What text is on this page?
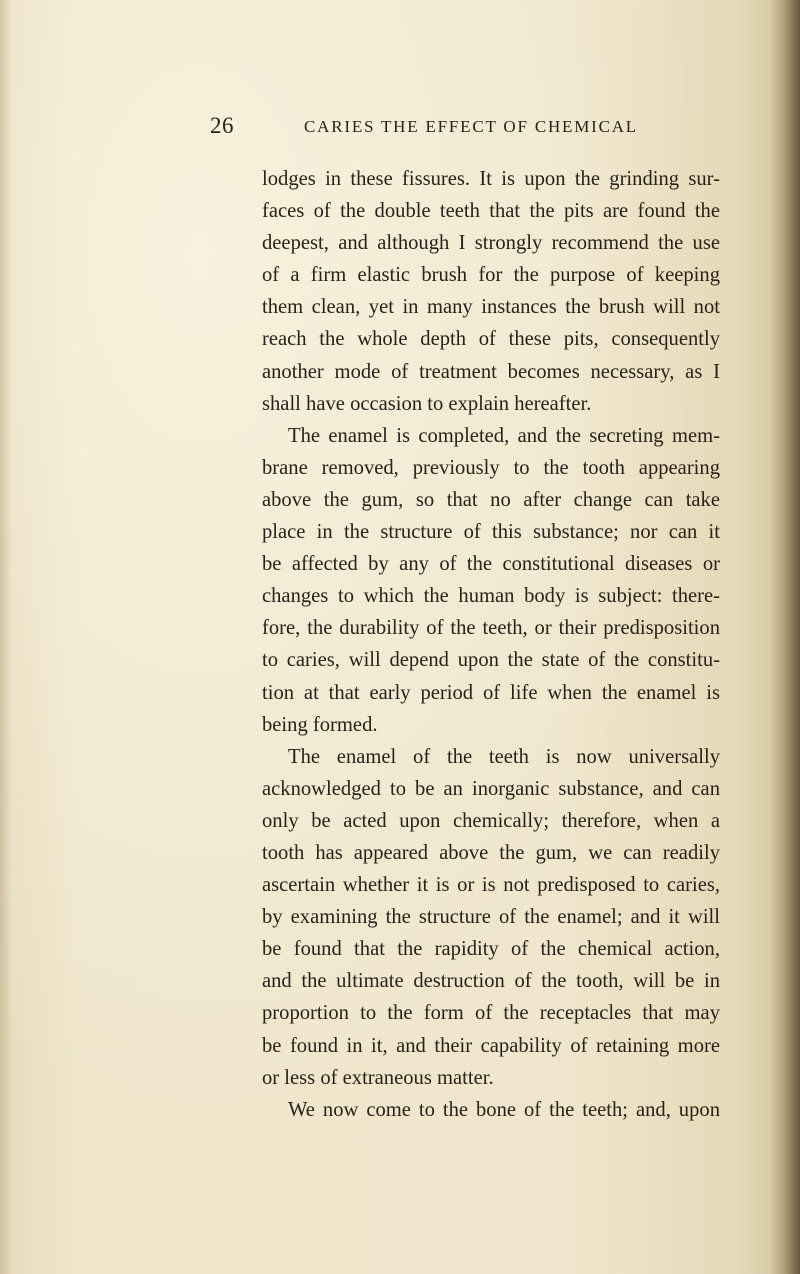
26	CARIES THE EFFECT OF CHEMICAL
lodges in these fissures. It is upon the grinding sur-
faces of the double teeth that the pits are found the
deepest, and although I strongly recommend the use
of a firm elastic brush for the purpose of keeping
them clean, yet in many instances the brush will not
reach the whole depth of these pits, consequently
another mode of treatment becomes necessary, as I
shall have occasion to explain hereafter.
The enamel is completed, and the secreting mem-
brane removed, previously to the tooth appearing
above the gum, so that no after change can take
place in the structure of this substance; nor can it
be affected by any of the constitutional diseases or
changes to which the human body is subject: there-
fore, the durability of the teeth, or their predisposition
to caries, will depend upon the state of the constitu-
tion at that early period of life when the enamel is
being formed.
The enamel of the teeth is now universally
acknowledged to be an inorganic substance, and can
only be acted upon chemically; therefore, when a
tooth has appeared above the gum, we can readily
ascertain whether it is or is not predisposed to caries,
by examining the structure of the enamel; and it will
be found that the rapidity of the chemical action,
and the ultimate destruction of the tooth, will be in
proportion to the form of the receptacles that may
be found in it, and their capability of retaining more
or less of extraneous matter.
We now come to the bone of the teeth; and, upon
